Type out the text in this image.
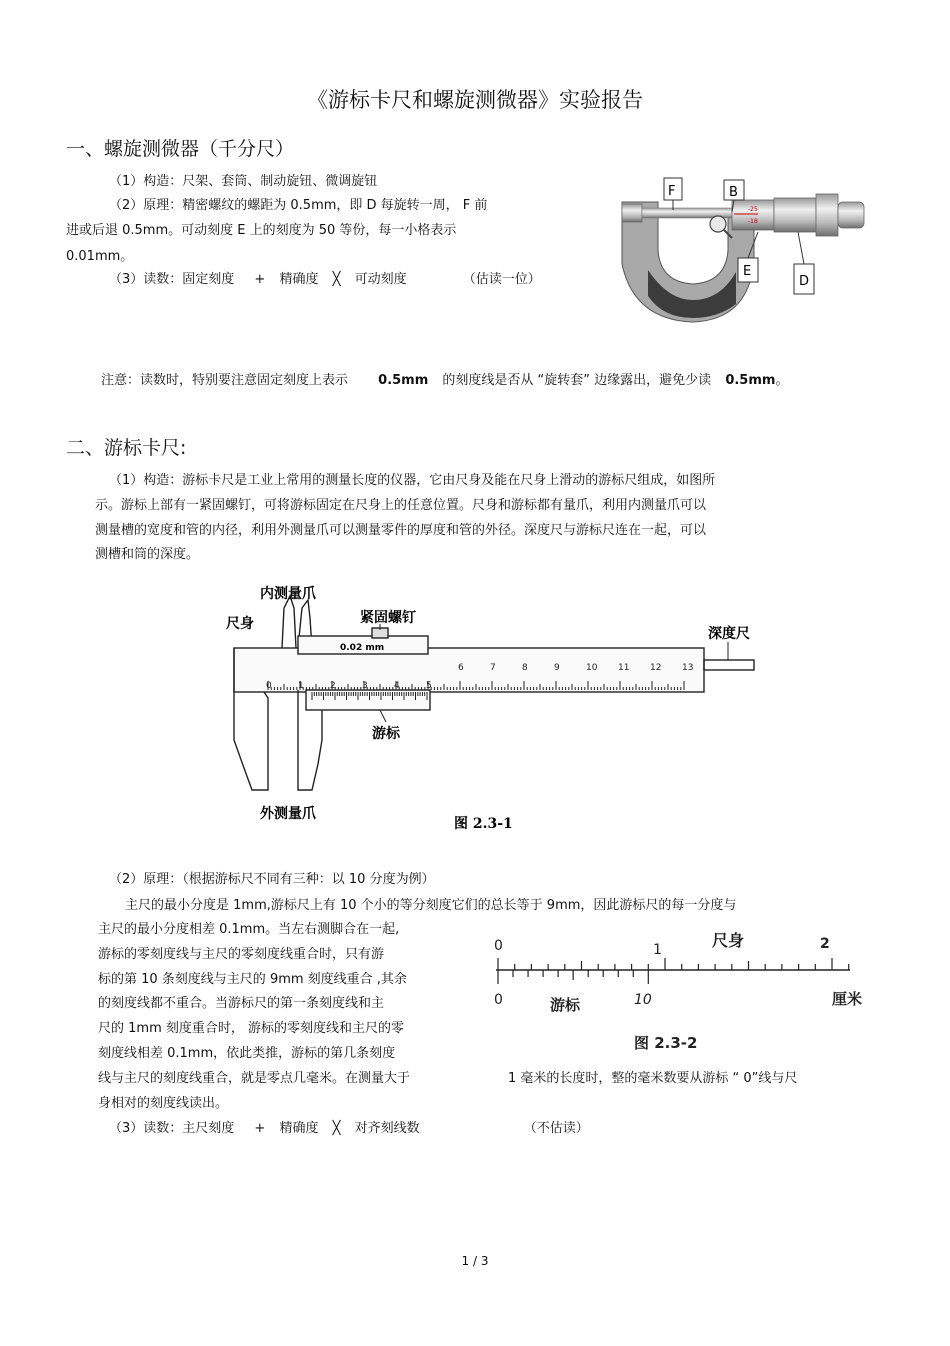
《游标卡尺和螺旋测微器》实验报告
一、螺旋测微器（千分尺）
（1）构造：尺架、套筒、制动旋钮、微调旋钮
（2）原理：精密螺纹的螺距为 0.5mm，即 D 每旋转一周， F 前
进或后退 0.5mm。可动刻度 E 上的刻度为 50 等份，每一小格表示
0.01mm。
（3）读数：固定刻度 + 精确度 ╳ 可动刻度	（估读一位）
-25
-18
F	B
E
D
注意：读数时，特别要注意固定刻度上表示 0.5mm 的刻度线是否从 “旋转套” 边缘露出，避免少读 0.5mm。
二、游标卡尺:
（1）构造：游标卡尺是工业上常用的测量长度的仪器，它由尺身及能在尺身上滑动的游标尺组成，如图所
示。游标上部有一紧固螺钉，可将游标固定在尺身上的任意位置。尺身和游标都有量爪，利用内测量爪可以
测量槽的宽度和管的内径，利用外测量爪可以测量零件的厚度和管的外径。深度尺与游标尺连在一起，可以
测槽和筒的深度。
0	1	2	3	4	5
6	7	8	9	10 11 12 13
0.02 mm
内测量爪
尺身	紧固螺钉
深度尺
游标
外测量爪
图 2.3-1
（2）原理：（根据游标尺不同有三种：以 10 分度为例）
主尺的最小分度是 1mm,游标尺上有 10 个小的等分刻度它们的总长等于 9mm，因此游标尺的每一分度与
主尺的最小分度相差 0.1mm。当左右测脚合在一起,
游标的零刻度线与主尺的零刻度线重合时，只有游
标的第 10 条刻度线与主尺的 9mm 刻度线重合 ,其余
的刻度线都不重合。当游标尺的第一条刻度线和主
尺的 1mm 刻度重合时， 游标的零刻度线和主尺的零
刻度线相差 0.1mm，依此类推，游标的第几条刻度
线与主尺的刻度线重合，就是零点几毫米。在测量大于	1 毫米的长度时，整的毫米数要从游标 “ 0”线与尺
身相对的刻度线读出。
0	1	2
尺身
0	10
游标	厘米
图 2.3-2
（3）读数：主尺刻度 + 精确度 ╳ 对齐刻线数	（不估读）
1 / 3
